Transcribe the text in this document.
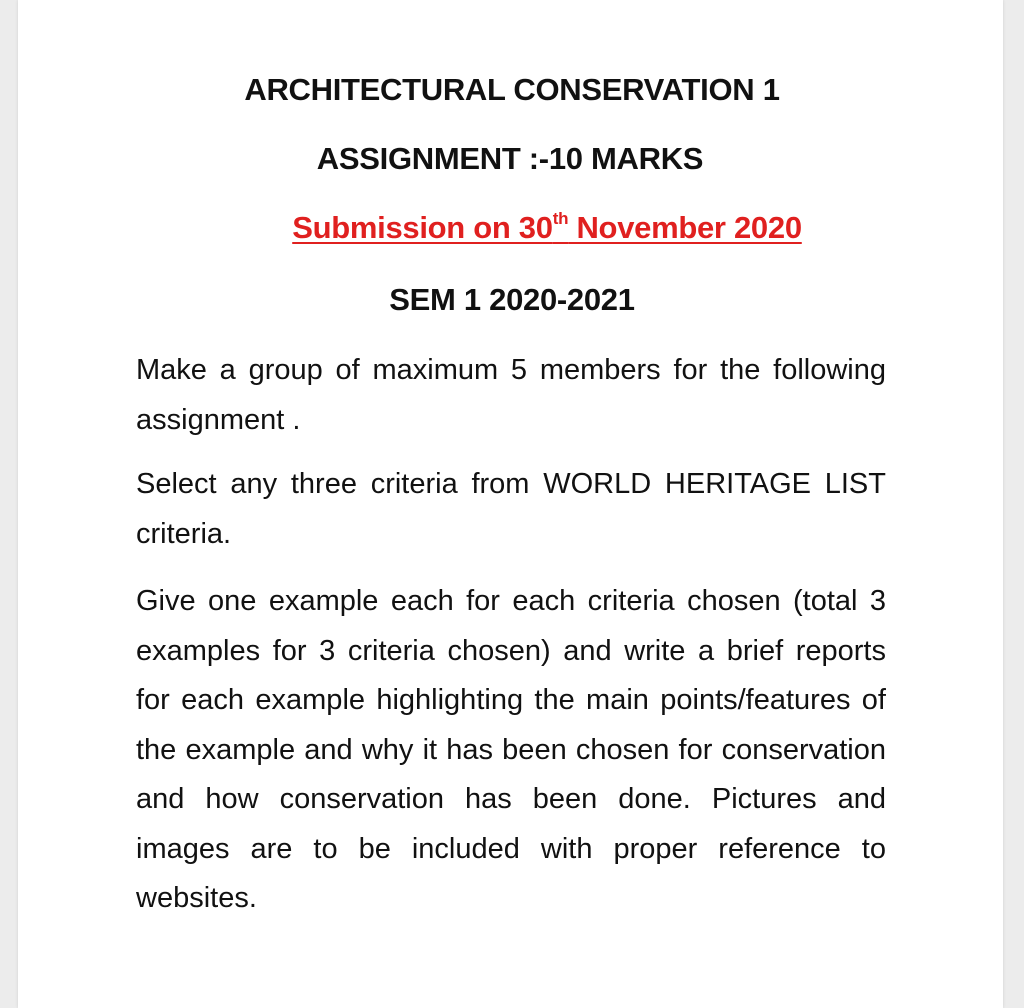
ARCHITECTURAL CONSERVATION 1
ASSIGNMENT :-10 MARKS
Submission on 30th November 2020
SEM 1 2020-2021

Make a group of maximum 5 members for the following assignment .

Select any three criteria from WORLD HERITAGE LIST criteria.

Give one example each for each criteria chosen (total 3 examples for 3 criteria chosen) and write a brief reports for each example highlighting the main points/features of the example and why it has been chosen for conservation and how conservation has been done. Pictures and images are to be included with proper reference to websites.
